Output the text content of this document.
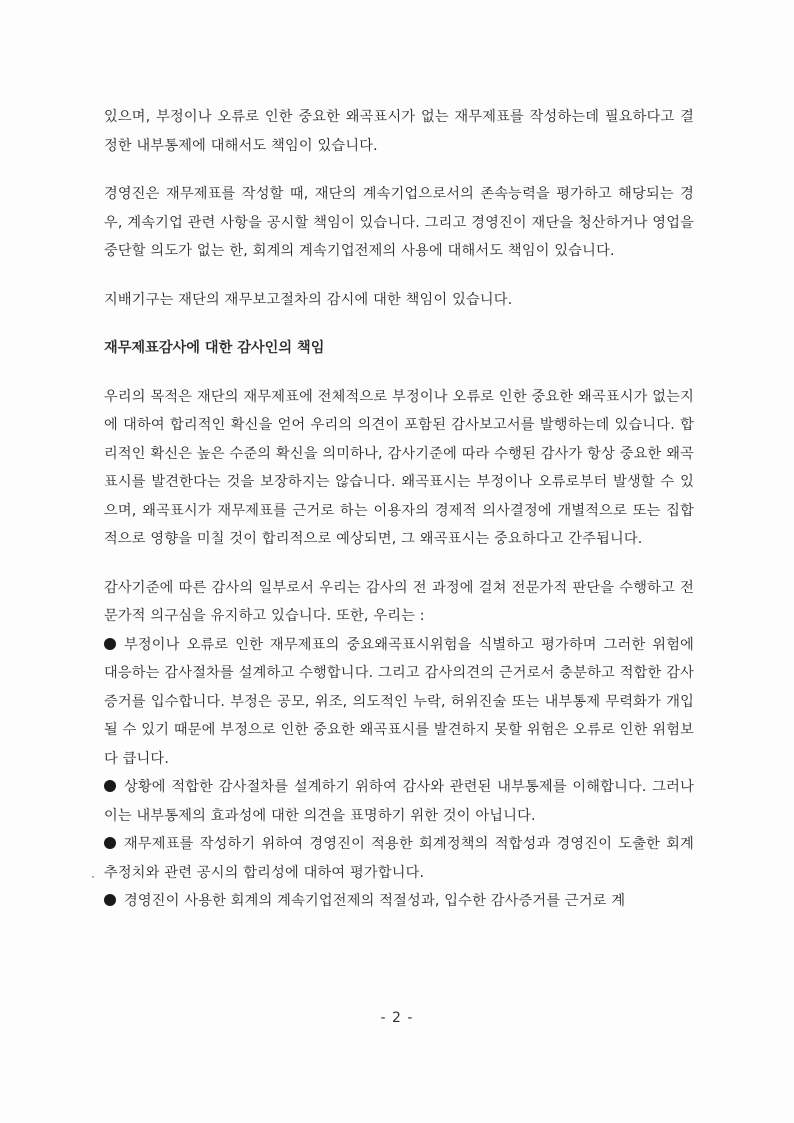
있으며, 부정이나 오류로 인한 중요한 왜곡표시가 없는 재무제표를 작성하는데 필요하다고 결정한 내부통제에 대해서도 책임이 있습니다.

경영진은 재무제표를 작성할 때, 재단의 계속기업으로서의 존속능력을 평가하고 해당되는 경우, 계속기업 관련 사항을 공시할 책임이 있습니다. 그리고 경영진이 재단을 청산하거나 영업을 중단할 의도가 없는 한, 회계의 계속기업전제의 사용에 대해서도 책임이 있습니다.

지배기구는 재단의 재무보고절차의 감시에 대한 책임이 있습니다.

재무제표감사에 대한 감사인의 책임

우리의 목적은 재단의 재무제표에 전체적으로 부정이나 오류로 인한 중요한 왜곡표시가 없는지에 대하여 합리적인 확신을 얻어 우리의 의견이 포함된 감사보고서를 발행하는데 있습니다. 합리적인 확신은 높은 수준의 확신을 의미하나, 감사기준에 따라 수행된 감사가 항상 중요한 왜곡표시를 발견한다는 것을 보장하지는 않습니다. 왜곡표시는 부정이나 오류로부터 발생할 수 있으며, 왜곡표시가 재무제표를 근거로 하는 이용자의 경제적 의사결정에 개별적으로 또는 집합적으로 영향을 미칠 것이 합리적으로 예상되면, 그 왜곡표시는 중요하다고 간주됩니다.

감사기준에 따른 감사의 일부로서 우리는 감사의 전 과정에 걸쳐 전문가적 판단을 수행하고 전문가적 의구심을 유지하고 있습니다. 또한, 우리는 :

부정이나 오류로 인한 재무제표의 중요왜곡표시위험을 식별하고 평가하며 그러한 위험에 대응하는 감사절차를 설계하고 수행합니다. 그리고 감사의견의 근거로서 충분하고 적합한 감사증거를 입수합니다. 부정은 공모, 위조, 의도적인 누락, 허위진술 또는 내부통제 무력화가 개입될 수 있기 때문에 부정으로 인한 중요한 왜곡표시를 발견하지 못할 위험은 오류로 인한 위험보다 큽니다.
상황에 적합한 감사절차를 설계하기 위하여 감사와 관련된 내부통제를 이해합니다. 그러나 이는 내부통제의 효과성에 대한 의견을 표명하기 위한 것이 아닙니다.
재무제표를 작성하기 위하여 경영진이 적용한 회계정책의 적합성과 경영진이 도출한 회계추정치와 관련 공시의 합리성에 대하여 평가합니다.
경영진이 사용한 회계의 계속기업전제의 적절성과, 입수한 감사증거를 근거로 계
- 2 -
